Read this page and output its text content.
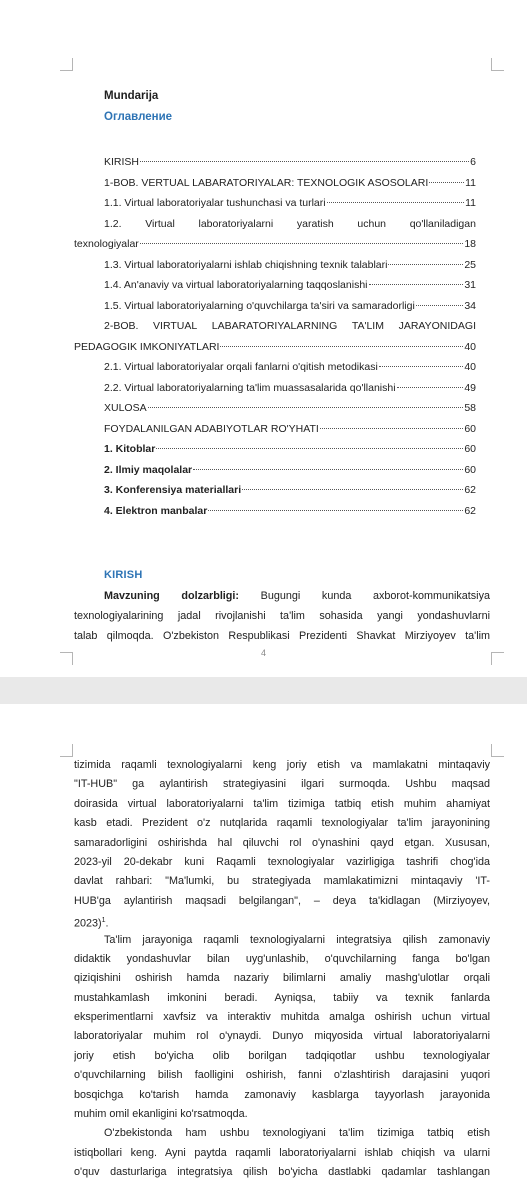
Mundarija
Оглавление
KIRISH	6
1-BOB. VERTUAL LABARATORIYALAR: TEXNOLOGIK ASOSOLARI	11
1.1. Virtual laboratoriyalar tushunchasi va turlari	11
1.2. Virtual laboratoriyalarni yaratish uchun qo'llaniladigan
texnologiyalar	18
1.3. Virtual laboratoriyalarni ishlab chiqishning texnik talablari	25
1.4. An'anaviy va virtual laboratoriyalarning taqqoslanishi	31
1.5. Virtual laboratoriyalarning o'quvchilarga ta'siri va samaradorligi	34
2-BOB. VIRTUAL LABARATORIYALARNING TA'LIM JARAYONIDAGI
PEDAGOGIK IMKONIYATLARI	40
2.1. Virtual laboratoriyalar orqali fanlarni o'qitish metodikasi	40
2.2. Virtual laboratoriyalarning ta'lim muassasalarida qo'llanishi	49
XULOSA	58
FOYDALANILGAN ADABIYOTLAR RO'YHATI	60
1. Kitoblar	60
2. Ilmiy maqolalar	60
3. Konferensiya materiallari	62
4. Elektron manbalar	62
KIRISH
Mavzuning dolzarbligi: Bugungi kunda axborot-kommunikatsiya
texnologiyalarining jadal rivojlanishi ta'lim sohasida yangi yondashuvlarni
talab qilmoqda. O'zbekiston Respublikasi Prezidenti Shavkat Mirziyoyev ta'lim
4
tizimida raqamli texnologiyalarni keng joriy etish va mamlakatni mintaqaviy
"IT-HUB" ga aylantirish strategiyasini ilgari surmoqda. Ushbu maqsad
doirasida virtual laboratoriyalarni ta'lim tizimiga tatbiq etish muhim ahamiyat
kasb etadi. Prezident o'z nutqlarida raqamli texnologiyalar ta'lim jarayonining
samaradorligini oshirishda hal qiluvchi rol o'ynashini qayd etgan. Xususan,
2023-yil 20-dekabr kuni Raqamli texnologiyalar vazirligiga tashrifi chog'ida
davlat rahbari: "Ma'lumki, bu strategiyada mamlakatimizni mintaqaviy 'IT-
HUB'ga aylantirish maqsadi belgilangan", – deya ta'kidlagan (Mirziyoyev,
2023)$^1$.
Ta'lim jarayoniga raqamli texnologiyalarni integratsiya qilish zamonaviy
didaktik yondashuvlar bilan uyg'unlashib, o'quvchilarning fanga bo'lgan
qiziqishini oshirish hamda nazariy bilimlarni amaliy mashg'ulotlar orqali
mustahkamlash imkonini beradi. Ayniqsa, tabiiy va texnik fanlarda
eksperimentlarni xavfsiz va interaktiv muhitda amalga oshirish uchun virtual
laboratoriyalar muhim rol o'ynaydi. Dunyo miqyosida virtual laboratoriyalarni
joriy etish bo'yicha olib borilgan tadqiqotlar ushbu texnologiyalar
o'quvchilarning bilish faolligini oshirish, fanni o'zlashtirish darajasini yuqori
bosqichga ko'tarish hamda zamonaviy kasblarga tayyorlash jarayonida
muhim omil ekanligini ko'rsatmoqda.
O'zbekistonda ham ushbu texnologiyani ta'lim tizimiga tatbiq etish
istiqbollari keng. Ayni paytda raqamli laboratoriyalarni ishlab chiqish va ularni
o'quv dasturlariga integratsiya qilish bo'yicha dastlabki qadamlar tashlangan
